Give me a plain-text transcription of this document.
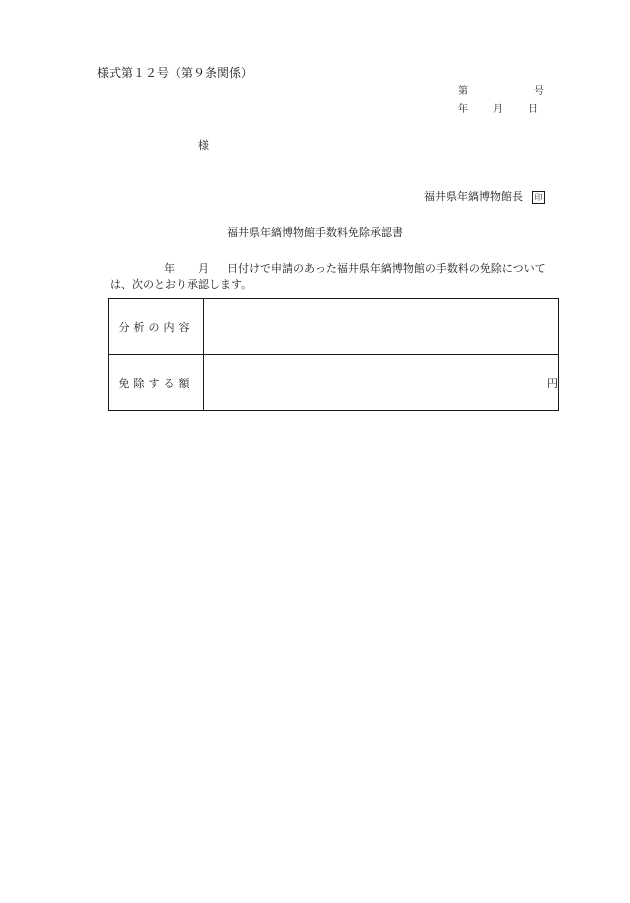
様式第１２号（第９条関係）
第	号
年	月	日
様
福井県年縞博物館長 印
福井県年縞博物館手数料免除承認書
年 月 日付けで申請のあった福井県年縞博物館の手数料の免除について
は、次のとおり承認します。
分析の内容	
免除する額	円
